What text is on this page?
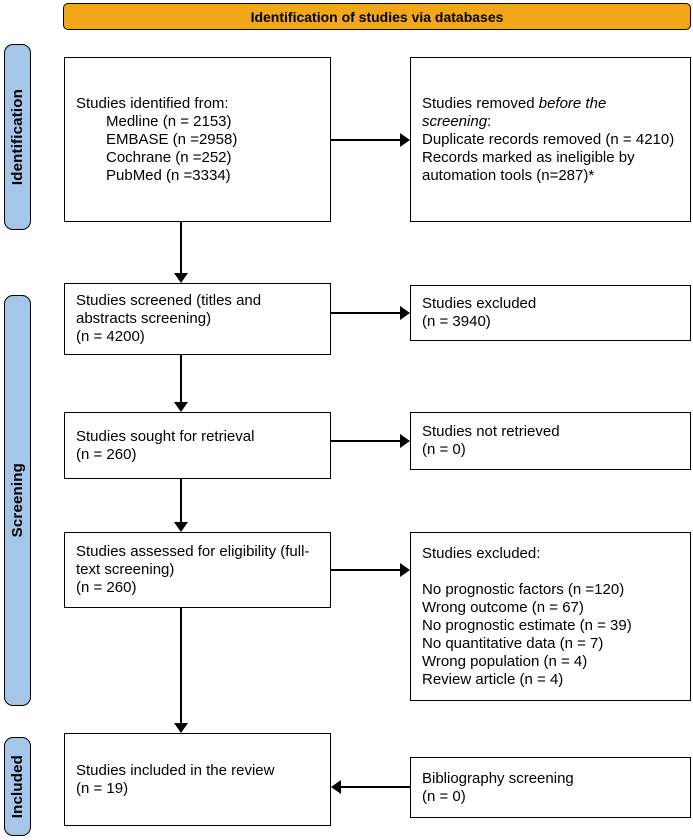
Identification of studies via databases
Identification
Screening
Included
Studies identified from:
Medline (n = 2153)
EMBASE (n =2958)
Cochrane (n =252)
PubMed (n =3334)
Studies screened (titles and abstracts screening)
(n = 4200)
Studies sought for retrieval
(n = 260)
Studies assessed for eligibility (full-text screening)
(n = 260)
Studies included in the review
(n = 19)
Studies removed before the screening:
Duplicate records removed (n = 4210)
Records marked as ineligible by automation tools (n=287)*
Studies excluded
(n = 3940)
Studies not retrieved
(n = 0)
Studies excluded:
No prognostic factors (n =120)
Wrong outcome (n = 67)
No prognostic estimate (n = 39)
No quantitative data (n = 7)
Wrong population (n = 4)
Review article (n = 4)
Bibliography screening
(n = 0)
